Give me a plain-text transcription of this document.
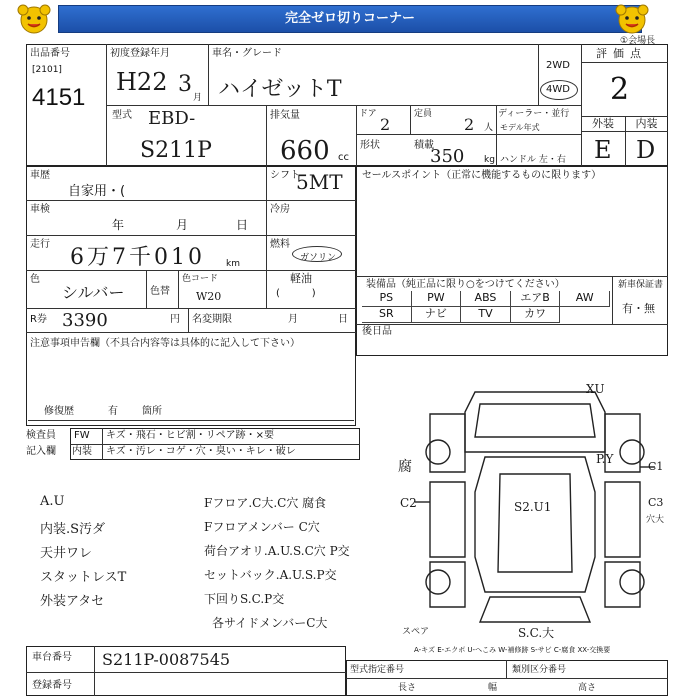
完全ゼロ切りコーナー
①会場長
出品番号
[2101]
4151
初度登録年月
H22 3
月
車名・グレード
ハイゼットT
2WD
4WD
評価点
2
外装	内装
E D
型式 EBD-
S211P
排気量
660 cc
ドア
2
定員
2 人
ディーラー・並行
モデル年式
形状	積載
350 kg ハンドル 左・右
車歴
自家用・(
シフト
5MT
車検
年	月	日
冷房
走行
6万7千010 km
燃料
ガソリン
軽油
(          )
色
シルバー	色替
色コード
W20
R券 3390	円 名変期限	月	日
注意事項申告欄（不具合内容等は具体的に記入して下さい）
修復歴	有 箇所
セールスポイント（正常に機能するものに限ります）
装備品（純正品に限り○をつけてください）	新車保証書
有・無
後日品
PS	PW	ABS	エアB	AW
SR	ナビ	TV	カワ
検査員
記入欄
FW キズ・飛石・ヒビ割・リペア跡・×要
内装 キズ・汚レ・コゲ・穴・臭い・キレ・破レ
A.U	Fフロア.C大.C穴 腐食
内装.S汚ダ	Fフロアメンバー C穴
天井ワレ	荷台アオリ.A.U.S.C穴 P交
スタットレスT	セットバック.A.U.S.P交
外装アタセ	下回りS.C.P交
各サイドメンバーC大
XU
腐
C2	S2.U1
P.Y
C1
C3
穴大
S.C.大
スペア
A-キズ E-エクボ U-へこみ W-補修跡 S-サビ C-腐食 XX-交換要
車台番号 S211P-0087545
登録番号
型式指定番号	類別区分番号
長さ	幅	高さ
